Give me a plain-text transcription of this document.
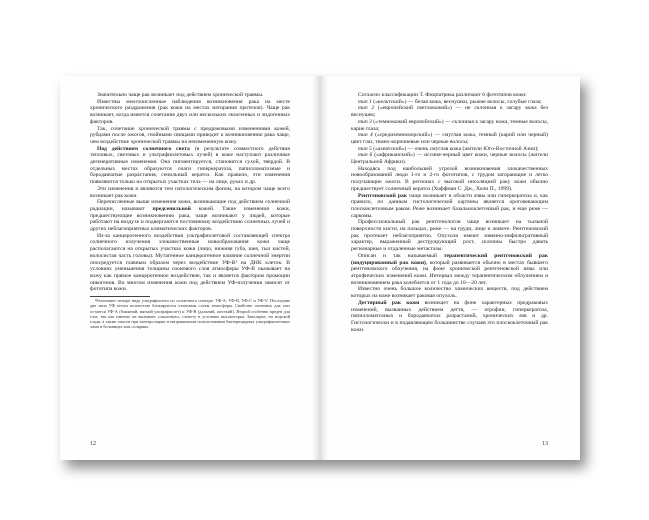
Значительно чаще рак возникает под действием хронической травмы.

Известны многочисленные наблюдения возникновения рака на месте хронического раздражения (рак кожи на местах натирания протезов). Чаще рак возникает, когда имеется сочетание двух или нескольких экзогенных и эндогенных факторов.

Так, сочетание хронической травмы с предраковыми изменениями кожей, рубцами после ожогов, гнойными свищами приводит к возникновению рака чаще, чем воздействие хронической травмы на неизмененную кожу.

Под действием солнечного света (в результате совместного действия тепловых, световых и ультрафиолетовых лучей) в коже наступают различные дегенеративные изменения. Она пигментируется, становится сухой, твердой. В отдельных местах образуются очаги гиперкератоза, папилломатозные и бородавчатые разрастания, сенильный кератоз. Как правило, эти изменения появляются только на открытых участках тела — на лице, руках и др.

Эти изменения и являются тем патологическим фоном, на котором чаще всего возникает рак кожи.

Перечисленные выше изменения кожи, возникающие под действием солнечной радиации, называют предсенильной кожей. Такие изменения кожи, предшествующие возникновению рака, чаще возникают у людей, которые работают на воздухе и подвергаются постоянному воздействию солнечных лучей и других неблагоприятных климатических факторов.

Из-за канцерогенного воздействия ультрафиолетовой составляющей спектра солнечного излучения злокачественные новообразования кожи чаще располагаются на открытых участках кожи (лицо, нижняя губа, шея, тыл кистей, волосистая часть головы). Мутагенное канцерогенное влияние солнечной энергии опосредуется главным образом через воздействие УФ-В¹ на ДНК клеток. В условиях уменьшения толщины озонового слоя атмосферы УФ-В оказывает на кожу как прямое канцерогенное воздействие, так и является фактором промоции онкогенов. Во многом изменения кожи под действием УФ-излучения зависят от фототипа кожи.

¹Различают четыре вида ультрафиолета по солнечного спектра: УФ-А, УФ-В, УФ-С и УФ-V. Последние два типа УФ почти полностью блокируются озоновым слоем атмосферы. Свойство озоновых для глаз остается УФ-А (ближний, мягкий ультрафиолет) и УФ-В (дальний, жесткий). Второй особенно вреден для глаз, так как именно он вызывает «ожоговую» слепоту в условиях высокогорья. Заполярье, на морской глади, а также опасен при электросварке и неправильном использовании бактерицидных ультрафиолетовых ламп в больницах или соляриях.

12

Согласно классификации Т. Фицпатрика различают 6 фототипов кожи:

тип 1 («кельтский») — белая кожа, веснушки, рыжие волосы, голубые глаза;

тип 2 («европейский светлокожий») — не склонная к загару кожа без веснушек;

тип 3 («темнокожий европейский») — склонная к загару кожа, темные волосы, карие глаза;

тип 4 («средиземноморский») — смуглая кожа, темный (карий или черный) цвет глаз, темно-коричневые или черные волосы;

тип 5 («азиатский») — очень смуглая кожа (жители Юго-Восточной Азии);

тип 6 («африканский») — иссиня-черный цвет кожи, черные волосы (жители Центральной Африки).

Находясь под наибольшей угрозой возникновения злокачественных новообразований люди 1-го и 2-го фототипов, с трудом загорающие и легко получающие ожоги. В регионах с высокой инсоляцией раку кожи обычно предшествует солнечный кератоз (Хоффман С. Дж., Холи П., 1999).

Рентгеновский рак чаще возникает в области язвы или гиперкератоза и, как правило, по данным гистологической картины является ороговевающим плоскоклеточным раком. Реже возникает базальноклеточный рак, и еще реже — саркомы.

Профессиональный рак рентгенологов чаще возникает на тыльной поверхности кисти, на пальцах, реже — на груди, лице и животе. Рентгеновский рак протекает неблагоприятно. Опухоли имеют язвенно-инфильтративный характер, выраженный деструирующий рост, склонны быстро давать регионарные и отдаленные метастазы.

Описан и так называемый терапевтический рентгеновский рак (индуцированный рак кожи), который развивается обычно в местах бывшего рентгеновского облучения, на фоне хронической рентгеновской язвы или атрофических изменений кожи. Интервал между терапевтическим облучением и возникновением рака колеблется от 1 года до 10—20 лет.

Известно очень большое количество химических веществ, под действием которых на коже возникает раковая опухоль.

Дегтярный рак кожи возникает на фоне характерных предраковых изменений, вызванных действием дегтя, — атрофии, гиперкератоза, папилломатозных и бородавчатых разрастаний, хронических язв и др. Гистологически и в подавляющем большинстве случаев это плоскоклеточный рак кожи.

13
